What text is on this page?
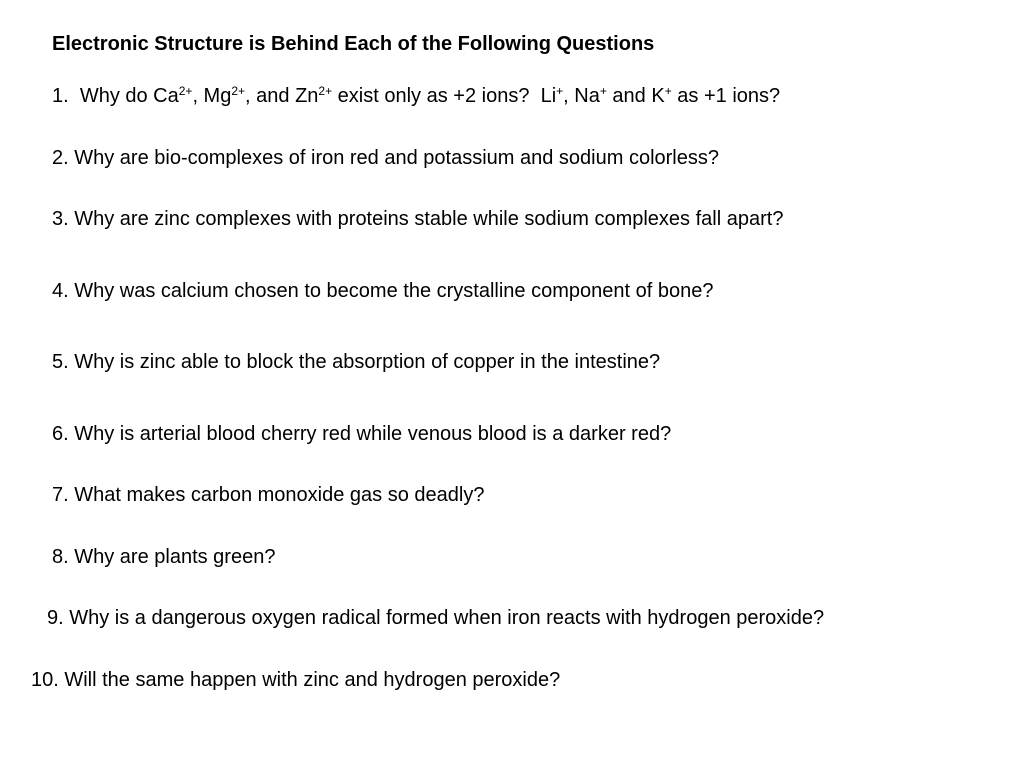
Electronic Structure is Behind Each of the Following Questions
1. Why do $Ca^{2+}$, $Mg^{2+}$, and $Zn^{2+}$ exist only as +2 ions? Li+, Na+ and K+ as +1 ions?
2. Why are bio-complexes of iron red and potassium and sodium colorless?
3. Why are zinc complexes with proteins stable while sodium complexes fall apart?
4. Why was calcium chosen to become the crystalline component of bone?
5. Why is zinc able to block the absorption of copper in the intestine?
6. Why is arterial blood cherry red while venous blood is a darker red?
7. What makes carbon monoxide gas so deadly?
8. Why are plants green?
9. Why is a dangerous oxygen radical formed when iron reacts with hydrogen peroxide?
10. Will the same happen with zinc and hydrogen peroxide?
